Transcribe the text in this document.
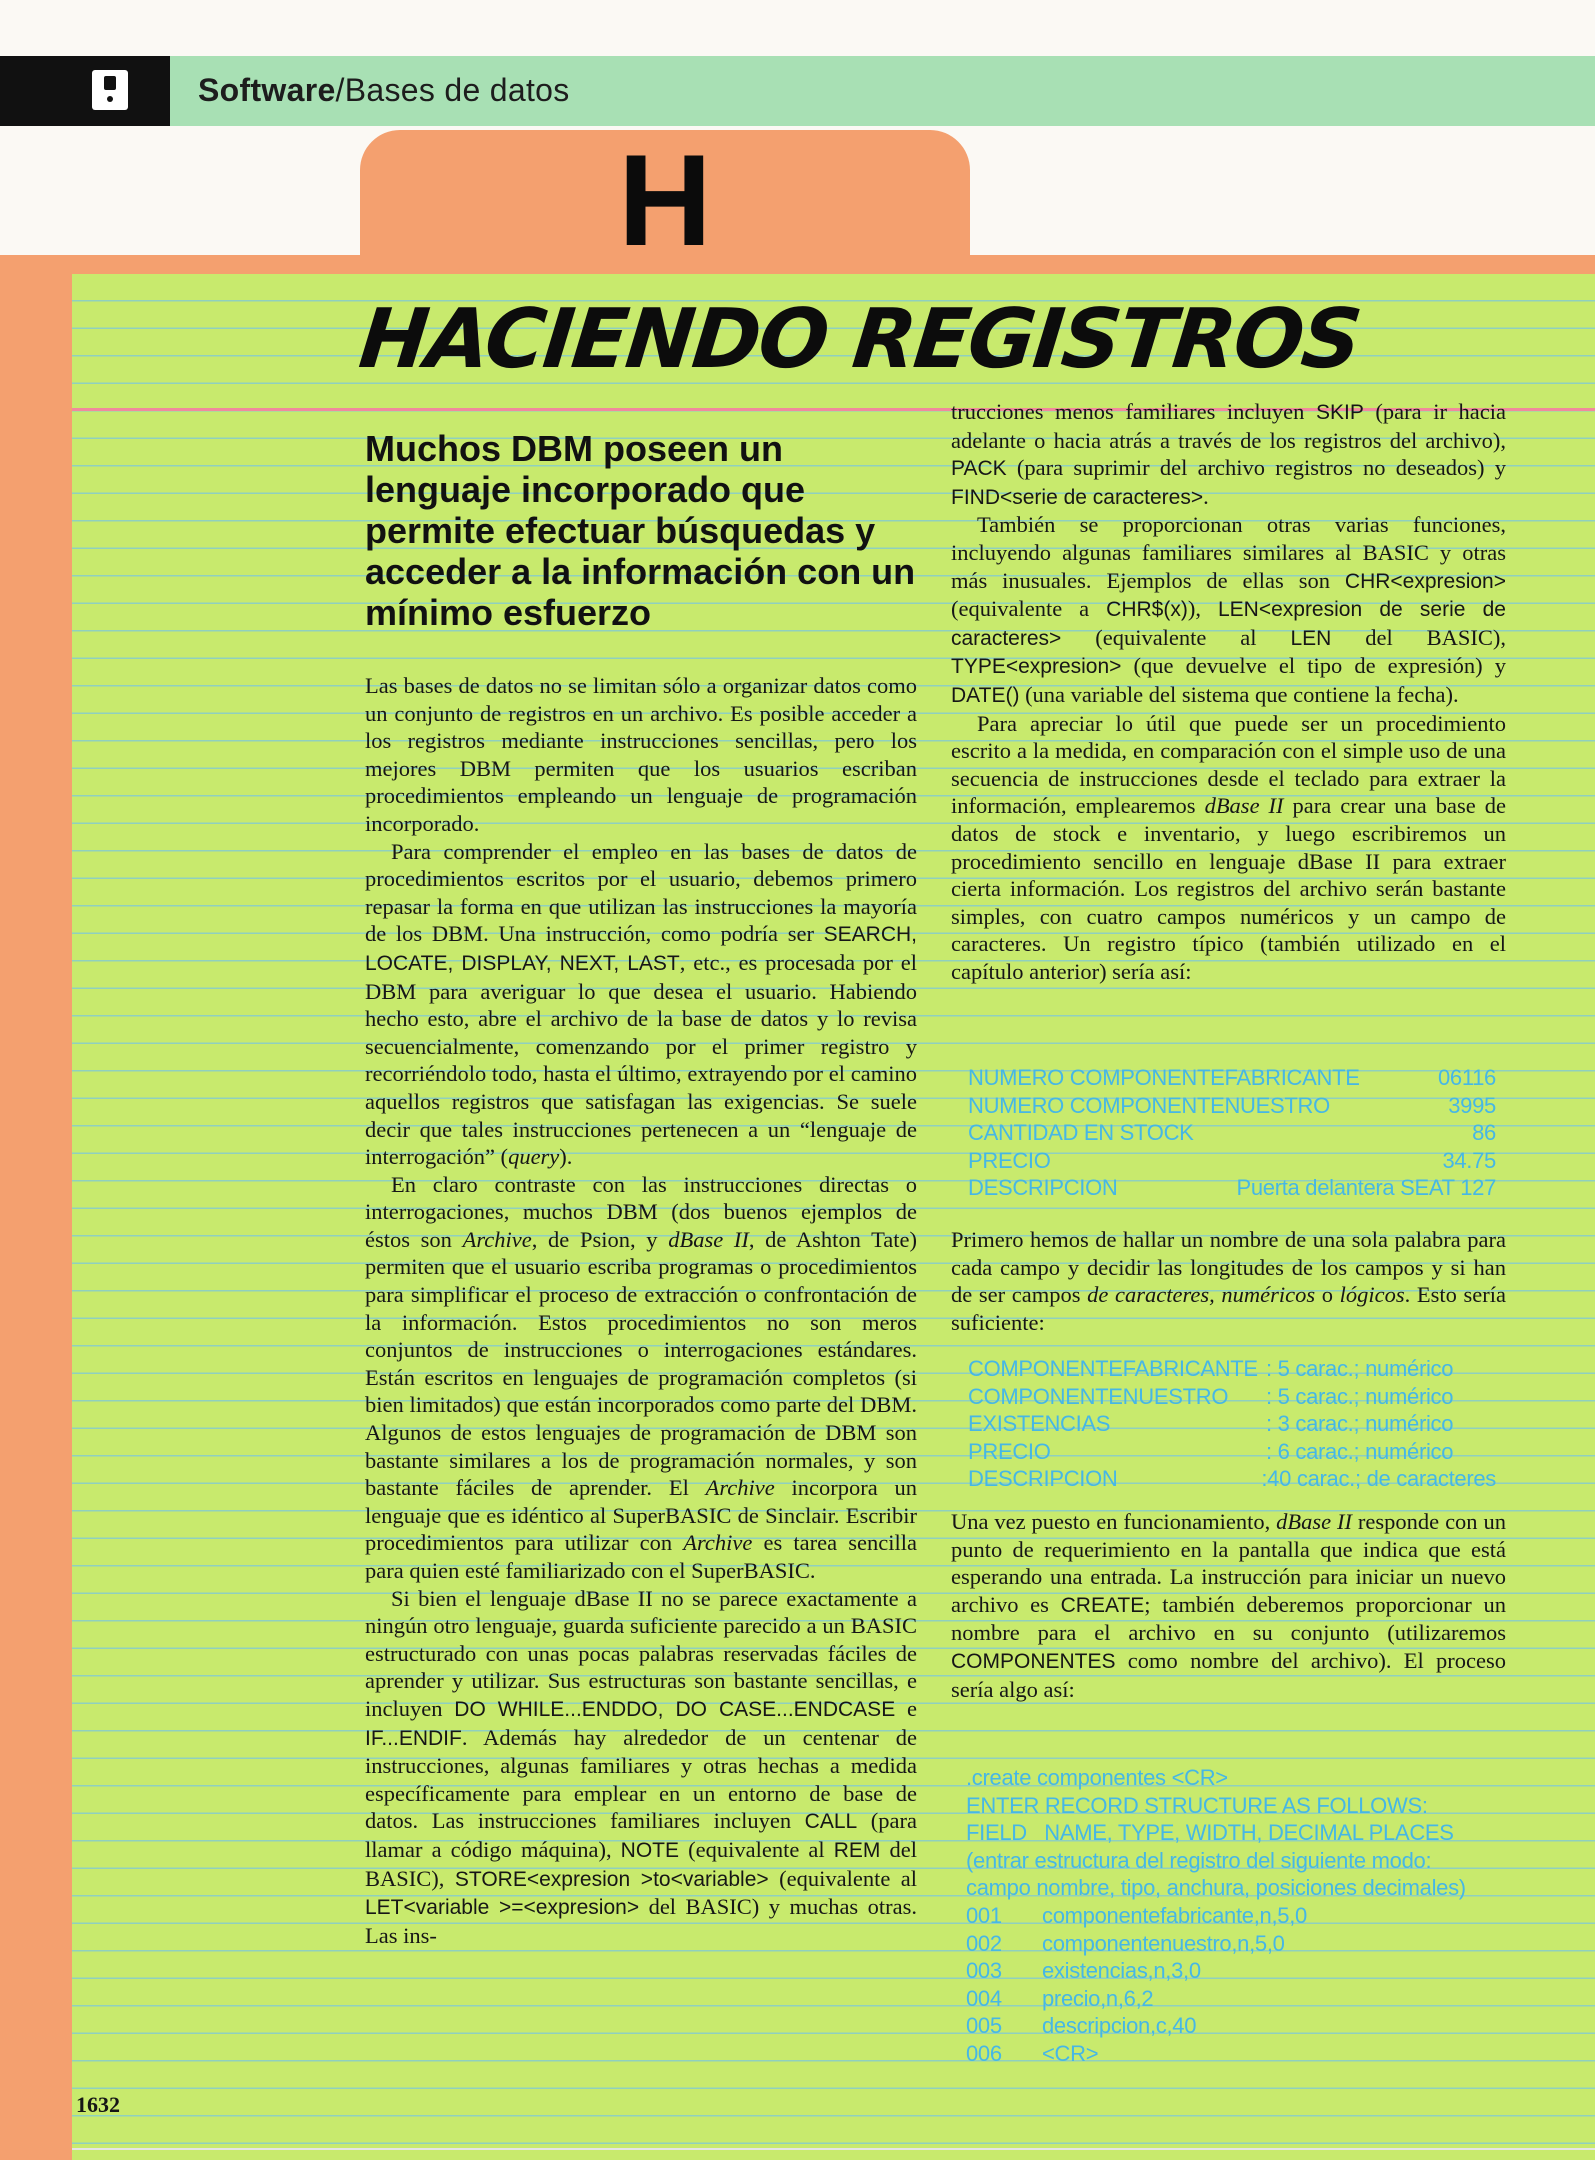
Software/Bases de datos
H
HACIENDO REGISTROS
Muchos DBM poseen un lenguaje incorporado que permite efectuar búsquedas y acceder a la información con un mínimo esfuerzo

Las bases de datos no se limitan sólo a organizar datos como un conjunto de registros en un archivo. Es posible acceder a los registros mediante instrucciones sencillas, pero los mejores DBM permiten que los usuarios escriban procedimientos empleando un lenguaje de programación incorporado.

Para comprender el empleo en las bases de datos de procedimientos escritos por el usuario, debemos primero repasar la forma en que utilizan las instrucciones la mayoría de los DBM. Una instrucción, como podría ser SEARCH, LOCATE, DISPLAY, NEXT, LAST, etc., es procesada por el DBM para averiguar lo que desea el usuario. Habiendo hecho esto, abre el archivo de la base de datos y lo revisa secuencialmente, comenzando por el primer registro y recorriéndolo todo, hasta el último, extrayendo por el camino aquellos registros que satisfagan las exigencias. Se suele decir que tales instrucciones pertenecen a un “lenguaje de interrogación” (query).

En claro contraste con las instrucciones directas o interrogaciones, muchos DBM (dos buenos ejemplos de éstos son Archive, de Psion, y dBase II, de Ashton Tate) permiten que el usuario escriba programas o procedimientos para simplificar el proceso de extracción o confrontación de la información. Estos procedimientos no son meros conjuntos de instrucciones o interrogaciones estándares. Están escritos en lenguajes de programación completos (si bien limitados) que están incorporados como parte del DBM. Algunos de estos lenguajes de programación de DBM son bastante similares a los de programación normales, y son bastante fáciles de aprender. El Archive incorpora un lenguaje que es idéntico al SuperBASIC de Sinclair. Escribir procedimientos para utilizar con Archive es tarea sencilla para quien esté familiarizado con el SuperBASIC.

Si bien el lenguaje dBase II no se parece exactamente a ningún otro lenguaje, guarda suficiente parecido a un BASIC estructurado con unas pocas palabras reservadas fáciles de aprender y utilizar. Sus estructuras son bastante sencillas, e incluyen DO WHILE...ENDDO, DO CASE...ENDCASE e IF...ENDIF. Además hay alrededor de un centenar de instrucciones, algunas familiares y otras hechas a medida específicamente para emplear en un entorno de base de datos. Las instrucciones familiares incluyen CALL (para llamar a código máquina), NOTE (equivalente al REM del BASIC), STORE<expresion >to<variable> (equivalente al LET<variable >=<expresion> del BASIC) y muchas otras. Las ins-

trucciones menos familiares incluyen SKIP (para ir hacia adelante o hacia atrás a través de los registros del archivo), PACK (para suprimir del archivo registros no deseados) y FIND<serie de caracteres>.

También se proporcionan otras varias funciones, incluyendo algunas familiares similares al BASIC y otras más inusuales. Ejemplos de ellas son CHR<expresion> (equivalente a CHR$(x)), LEN<expresion de serie de caracteres> (equivalente al LEN del BASIC), TYPE<expresion> (que devuelve el tipo de expresión) y DATE() (una variable del sistema que contiene la fecha).

Para apreciar lo útil que puede ser un procedimiento escrito a la medida, en comparación con el simple uso de una secuencia de instrucciones desde el teclado para extraer la información, emplearemos dBase II para crear una base de datos de stock e inventario, y luego escribiremos un procedimiento sencillo en lenguaje dBase II para extraer cierta información. Los registros del archivo serán bastante simples, con cuatro campos numéricos y un campo de caracteres. Un registro típico (también utilizado en el capítulo anterior) sería así:

NUMERO COMPONENTEFABRICANTE	06116
NUMERO COMPONENTENUESTRO	3995
CANTIDAD EN STOCK	86
PRECIO	34.75
DESCRIPCION	Puerta delantera SEAT 127

Primero hemos de hallar un nombre de una sola palabra para cada campo y decidir las longitudes de los campos y si han de ser campos de caracteres, numéricos o lógicos. Esto sería suficiente:

COMPONENTEFABRICANTE : 5 carac.; numérico
COMPONENTENUESTRO	: 5 carac.; numérico
EXISTENCIAS	: 3 carac.; numérico
PRECIO	: 6 carac.; numérico
DESCRIPCION	:40 carac.; de caracteres

Una vez puesto en funcionamiento, dBase II responde con un punto de requerimiento en la pantalla que indica que está esperando una entrada. La instrucción para iniciar un nuevo archivo es CREATE; también deberemos proporcionar un nombre para el archivo en su conjunto (utilizaremos COMPONENTES como nombre del archivo). El proceso sería algo así:

.create componentes <CR>
ENTER RECORD STRUCTURE AS FOLLOWS:
FIELD   NAME, TYPE, WIDTH, DECIMAL PLACES
(entrar estructura del registro del siguiente modo:
campo nombre, tipo, anchura, posiciones decimales)
001 componentefabricante,n,5,0
002 componentenuestro,n,5,0
003 existencias,n,3,0
004 precio,n,6,2
005 descripcion,c,40
006 <CR>
1632
